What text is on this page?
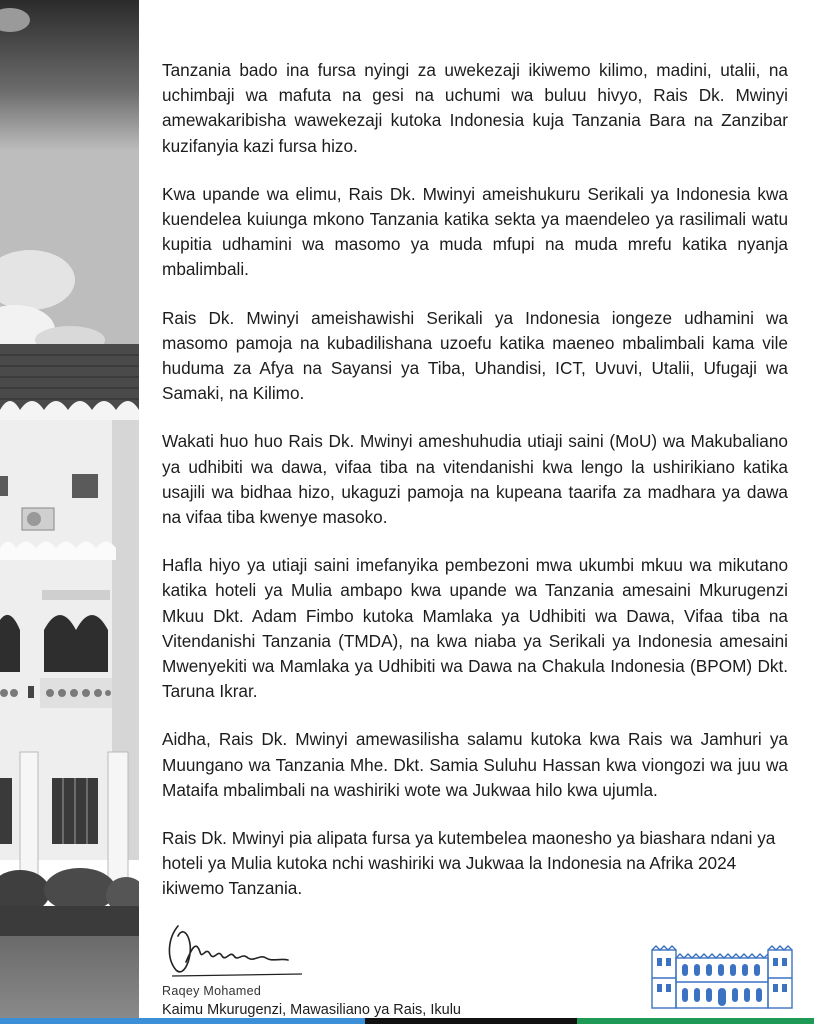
Tanzania bado ina fursa nyingi za uwekezaji ikiwemo kilimo, madini, utalii, na uchimbaji wa mafuta na gesi na uchumi wa buluu hivyo, Rais Dk. Mwinyi amewakaribisha wawekezaji kutoka Indonesia kuja Tanzania Bara na Zanzibar kuzifanyia kazi fursa hizo.

Kwa upande wa elimu, Rais Dk. Mwinyi ameishukuru Serikali ya Indonesia kwa kuendelea kuiunga mkono Tanzania katika sekta ya maendeleo ya rasilimali watu kupitia udhamini wa masomo ya muda mfupi na muda mrefu katika nyanja mbalimbali.

Rais Dk. Mwinyi ameishawishi Serikali ya Indonesia iongeze udhamini wa masomo pamoja na kubadilishana uzoefu katika maeneo mbalimbali kama vile huduma za Afya na Sayansi ya Tiba, Uhandisi, ICT, Uvuvi, Utalii, Ufugaji wa Samaki, na Kilimo.

Wakati huo huo Rais Dk. Mwinyi ameshuhudia utiaji saini (MoU) wa Makubaliano ya udhibiti wa dawa, vifaa tiba na vitendanishi kwa lengo la ushirikiano katika usajili wa bidhaa hizo, ukaguzi pamoja na kupeana taarifa za madhara ya dawa na vifaa tiba kwenye masoko.

Hafla hiyo ya utiaji saini imefanyika pembezoni mwa ukumbi mkuu wa mikutano katika hoteli ya Mulia ambapo kwa upande wa Tanzania amesaini Mkurugenzi Mkuu Dkt. Adam Fimbo kutoka Mamlaka ya Udhibiti wa Dawa, Vifaa tiba na Vitendanishi Tanzania (TMDA), na kwa niaba ya Serikali ya Indonesia amesaini Mwenyekiti wa Mamlaka ya Udhibiti wa Dawa na Chakula Indonesia (BPOM) Dkt. Taruna Ikrar.

Aidha, Rais Dk. Mwinyi amewasilisha salamu kutoka kwa Rais wa Jamhuri ya Muungano wa Tanzania Mhe. Dkt. Samia Suluhu Hassan kwa viongozi wa juu wa Mataifa mbalimbali na washiriki wote wa Jukwaa hilo kwa ujumla.

Rais Dk. Mwinyi pia alipata fursa ya kutembelea maonesho ya biashara ndani ya hoteli ya Mulia kutoka nchi washiriki wa Jukwaa la Indonesia na Afrika 2024 ikiwemo Tanzania.

Raqey Mohamed
Kaimu Mkurugenzi, Mawasiliano ya Rais, Ikulu
